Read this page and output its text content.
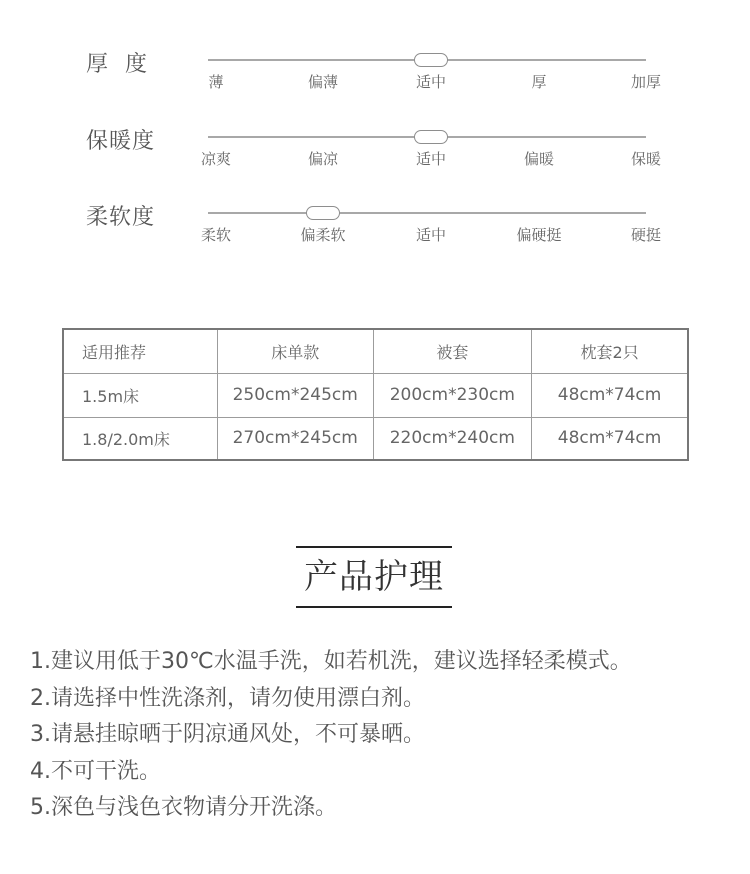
厚  度
薄	偏薄	适中	厚	加厚
保暖度
凉爽	偏凉	适中	偏暖	保暖
柔软度
柔软	偏柔软	适中	偏硬挺	硬挺
适用推荐	床单款	被套	枕套2只
1.5m床	250cm*245cm	200cm*230cm	48cm*74cm
1.8/2.0m床	270cm*245cm	220cm*240cm	48cm*74cm
产品护理
1.建议用低于30℃水温手洗，如若机洗，建议选择轻柔模式。
2.请选择中性洗涤剂，请勿使用漂白剂。
3.请悬挂晾晒于阴凉通风处，不可暴晒。
4.不可干洗。
5.深色与浅色衣物请分开洗涤。
